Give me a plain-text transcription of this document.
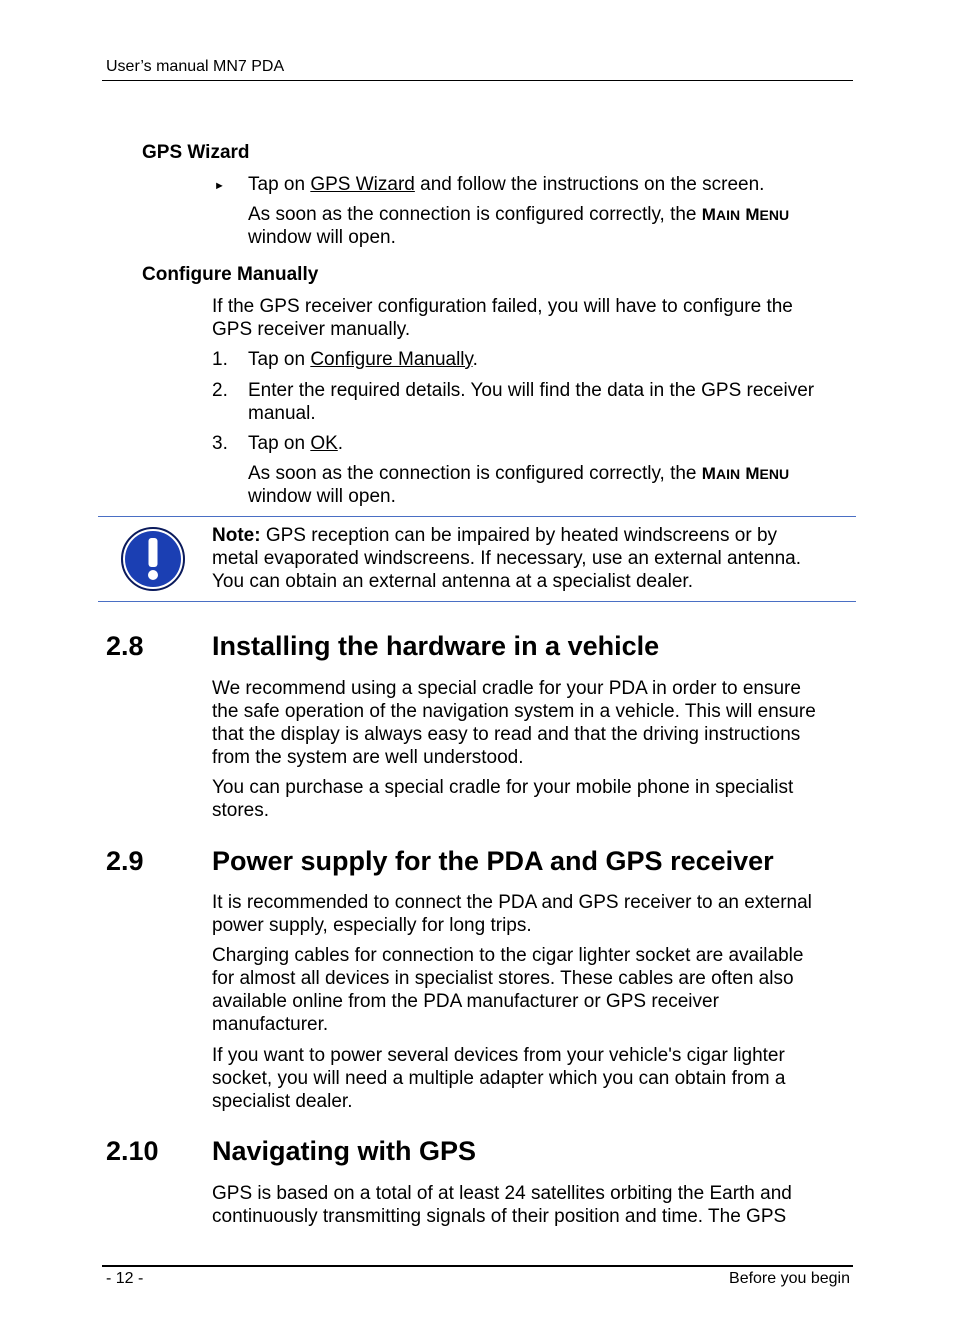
User’s manual MN7 PDA
GPS Wizard
► Tap on GPS Wizard and follow the instructions on the screen.
As soon as the connection is configured correctly, the MAIN MENU
window will open.
Configure Manually
If the GPS receiver configuration failed, you will have to configure the
GPS receiver manually.
1. Tap on Configure Manually.
2. Enter the required details. You will find the data in the GPS receiver
manual.
3. Tap on OK.
As soon as the connection is configured correctly, the MAIN MENU
window will open.
Note: GPS reception can be impaired by heated windscreens or by
metal evaporated windscreens. If necessary, use an external antenna.
You can obtain an external antenna at a specialist dealer.
2.8	Installing the hardware in a vehicle
We recommend using a special cradle for your PDA in order to ensure
the safe operation of the navigation system in a vehicle. This will ensure
that the display is always easy to read and that the driving instructions
from the system are well understood.
You can purchase a special cradle for your mobile phone in specialist
stores.
2.9	Power supply for the PDA and GPS receiver
It is recommended to connect the PDA and GPS receiver to an external
power supply, especially for long trips.
Charging cables for connection to the cigar lighter socket are available
for almost all devices in specialist stores. These cables are often also
available online from the PDA manufacturer or GPS receiver
manufacturer.
If you want to power several devices from your vehicle's cigar lighter
socket, you will need a multiple adapter which you can obtain from a
specialist dealer.
2.10 Navigating with GPS
GPS is based on a total of at least 24 satellites orbiting the Earth and
continuously transmitting signals of their position and time. The GPS
- 12 -	Before you begin
